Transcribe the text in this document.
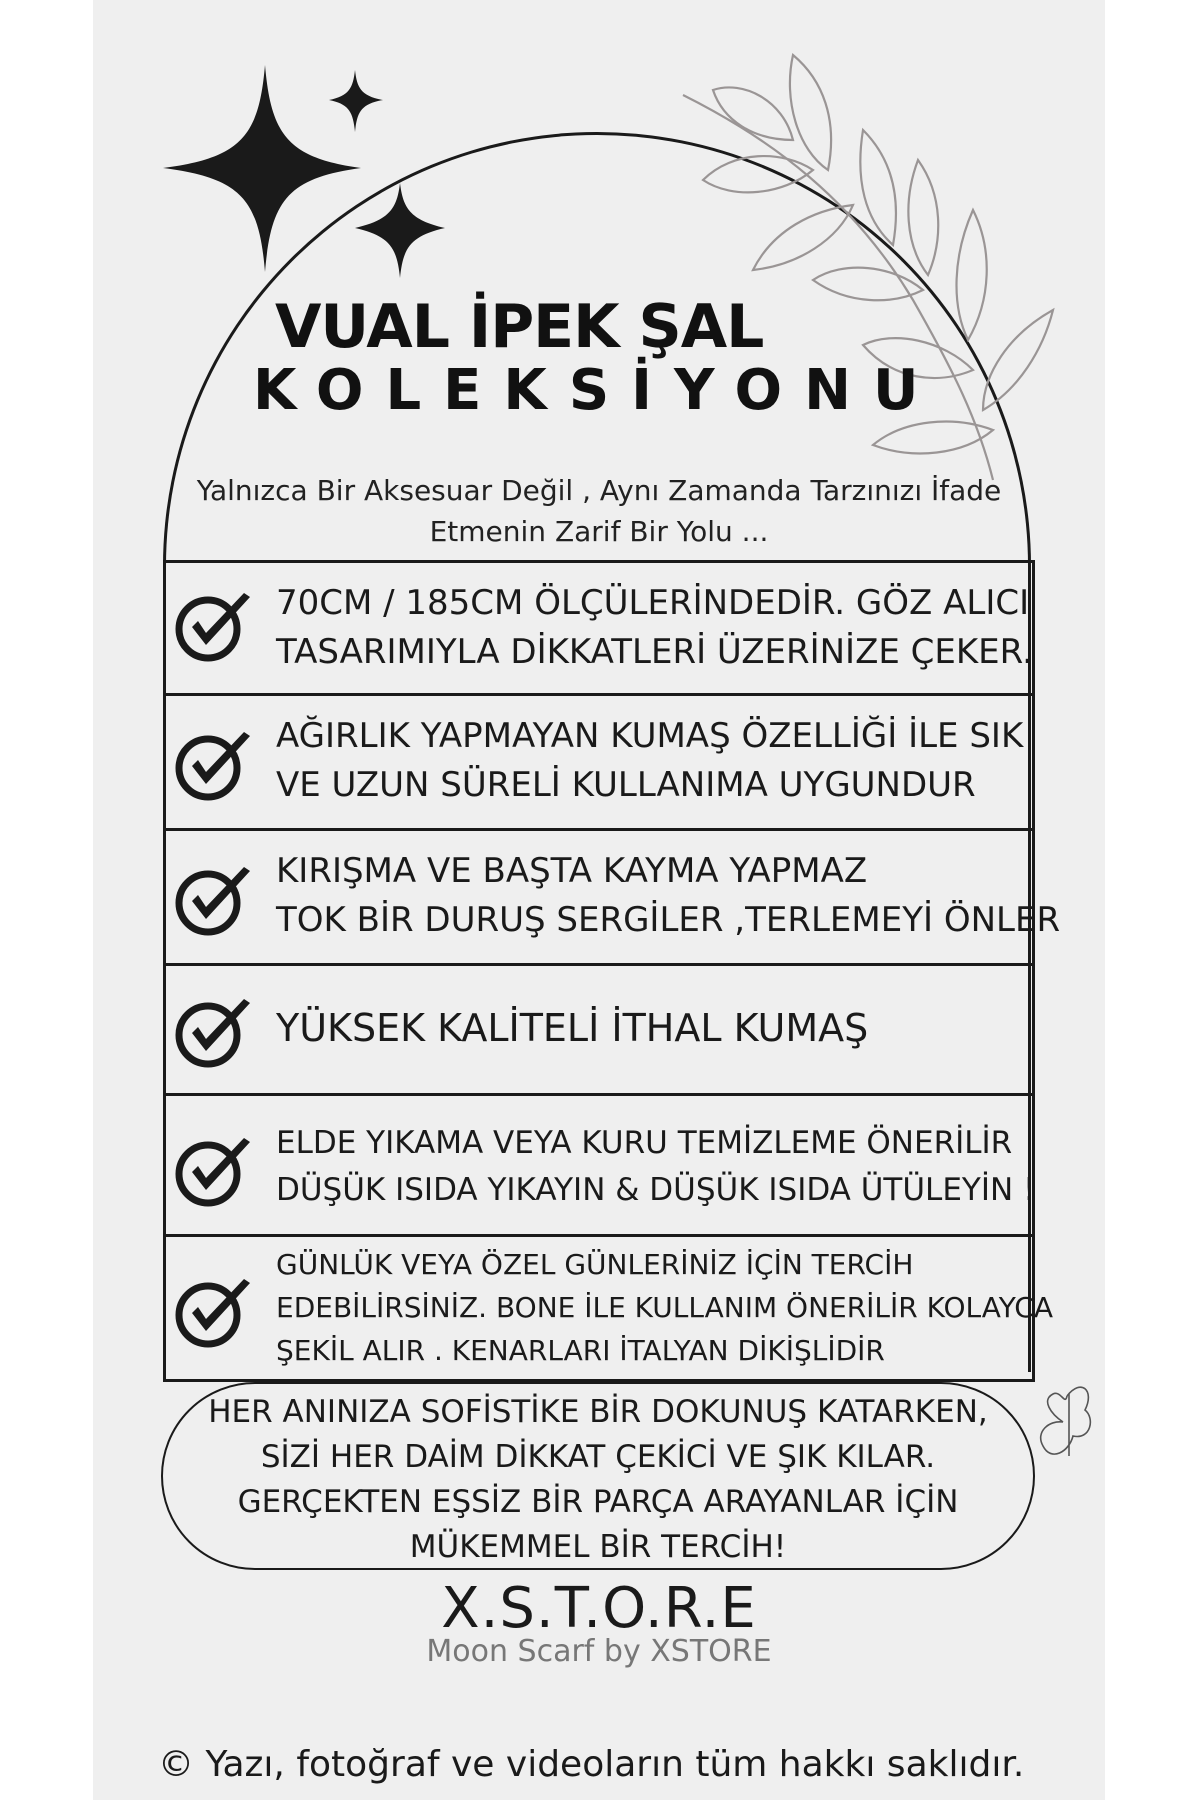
VUAL İPEK ŞAL
KOLEKSİYONU
Yalnızca Bir Aksesuar Değil , Aynı Zamanda Tarzınızı İfade Etmenin Zarif Bir Yolu ...
70CM / 185CM ÖLÇÜLERİNDEDİR. GÖZ ALICI
TASARIMIYLA DİKKATLERİ ÜZERİNİZE ÇEKER.
AĞIRLIK YAPMAYAN KUMAŞ ÖZELLİĞİ İLE SIK
VE UZUN SÜRELİ KULLANIMA UYGUNDUR
KIRIŞMA VE BAŞTA KAYMA YAPMAZ
TOK BİR DURUŞ SERGİLER ,TERLEMEYİ ÖNLER
YÜKSEK KALİTELİ İTHAL KUMAŞ
ELDE YIKAMA VEYA KURU TEMİZLEME ÖNERİLİR
DÜŞÜK ISIDA YIKAYIN & DÜŞÜK ISIDA ÜTÜLEYİN !
GÜNLÜK VEYA ÖZEL GÜNLERİNİZ İÇİN TERCİH
EDEBİLİRSİNİZ. BONE İLE KULLANIM ÖNERİLİR KOLAYCA
ŞEKİL ALIR . KENARLARI İTALYAN DİKİŞLİDİR
HER ANINIZA SOFİSTİKE BİR DOKUNUŞ KATARKEN,
SİZİ HER DAİM DİKKAT ÇEKİCİ VE ŞIK KILAR.
GERÇEKTEN EŞSİZ BİR PARÇA ARAYANLAR İÇİN
MÜKEMMEL BİR TERCİH!
X.S.T.O.R.E
Moon Scarf by XSTORE
© Yazı, fotoğraf ve videoların tüm hakkı saklıdır.
